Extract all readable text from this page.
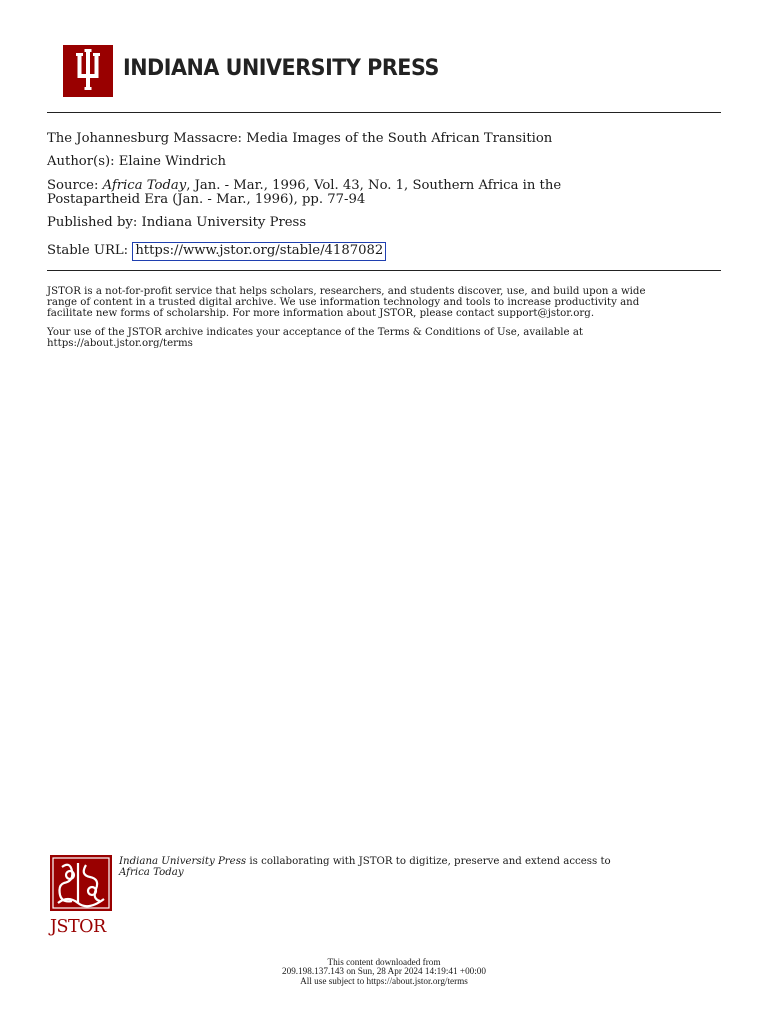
INDIANA UNIVERSITY PRESS
The Johannesburg Massacre: Media Images of the South African Transition
Author(s): Elaine Windrich
Source: Africa Today, Jan. - Mar., 1996, Vol. 43, No. 1, Southern Africa in the
Postapartheid Era (Jan. - Mar., 1996), pp. 77-94
Published by: Indiana University Press
Stable URL: https://www.jstor.org/stable/4187082
JSTOR is a not-for-profit service that helps scholars, researchers, and students discover, use, and build upon a wide
range of content in a trusted digital archive. We use information technology and tools to increase productivity and
facilitate new forms of scholarship. For more information about JSTOR, please contact support@jstor.org.
Your use of the JSTOR archive indicates your acceptance of the Terms & Conditions of Use, available at
https://about.jstor.org/terms
JSTOR
Indiana University Press is collaborating with JSTOR to digitize, preserve and extend access to
Africa Today
This content downloaded from
209.198.137.143 on Sun, 28 Apr 2024 14:19:41 +00:00
All use subject to https://about.jstor.org/terms
